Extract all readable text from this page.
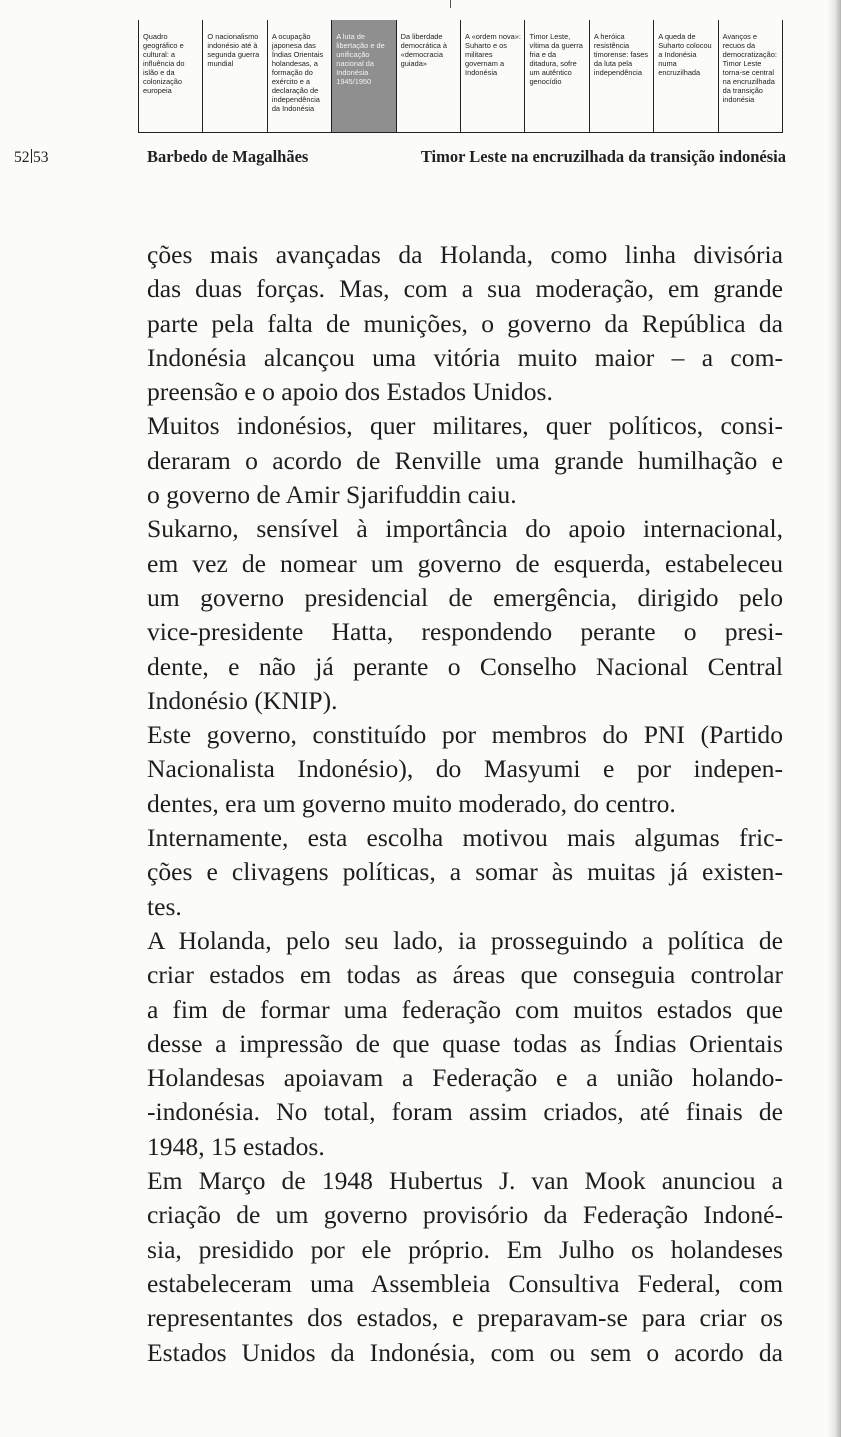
Quadro
geográfico e
cultural: a
influência do
islão e da
colonização
europeia
O nacionalismo
indonésio até à
segunda guerra
mundial
A ocupação
japonesa das
Índias Orientais
holandesas, a
formação do
exército e a
declaração de
independência
da Indonésia
A luta de
libertação e de
unificação
nacional da
Indonésia
1945/1950
Da liberdade
democrática à
«democracia
guiada»
A «ordem nova»:
Suharto e os
militares
governam a
Indonésia
Timor Leste,
vítima da guerra
fria e da
ditadura, sofre
um autêntico
genocídio
A heróica
resistência
timorense: fases
da luta pela
independência
A queda de
Suharto colocou
a Indonésia
numa
encruzilhada
Avanços e
recuos da
democratização:
Timor Leste
torna-se central
na encruzilhada
da transição
indonésia
52 53	Barbedo de Magalhães	Timor Leste na encruzilhada da transição indonésia
ções mais avançadas da Holanda, como linha divisória
das duas forças. Mas, com a sua moderação, em grande
parte pela falta de munições, o governo da República da
Indonésia alcançou uma vitória muito maior – a com-
preensão e o apoio dos Estados Unidos.
Muitos indonésios, quer militares, quer políticos, consi-
deraram o acordo de Renville uma grande humilhação e
o governo de Amir Sjarifuddin caiu.
Sukarno, sensível à importância do apoio internacional,
em vez de nomear um governo de esquerda, estabeleceu
um governo presidencial de emergência, dirigido pelo
vice-presidente Hatta, respondendo perante o presi-
dente, e não já perante o Conselho Nacional Central
Indonésio (KNIP).
Este governo, constituído por membros do PNI (Partido
Nacionalista Indonésio), do Masyumi e por indepen-
dentes, era um governo muito moderado, do centro.
Internamente, esta escolha motivou mais algumas fric-
ções e clivagens políticas, a somar às muitas já existen-
tes.
A Holanda, pelo seu lado, ia prosseguindo a política de
criar estados em todas as áreas que conseguia controlar
a fim de formar uma federação com muitos estados que
desse a impressão de que quase todas as Índias Orientais
Holandesas apoiavam a Federação e a união holando-
-indonésia. No total, foram assim criados, até finais de
1948, 15 estados.
Em Março de 1948 Hubertus J. van Mook anunciou a
criação de um governo provisório da Federação Indoné-
sia, presidido por ele próprio. Em Julho os holandeses
estabeleceram uma Assembleia Consultiva Federal, com
representantes dos estados, e preparavam-se para criar os
Estados Unidos da Indonésia, com ou sem o acordo da
